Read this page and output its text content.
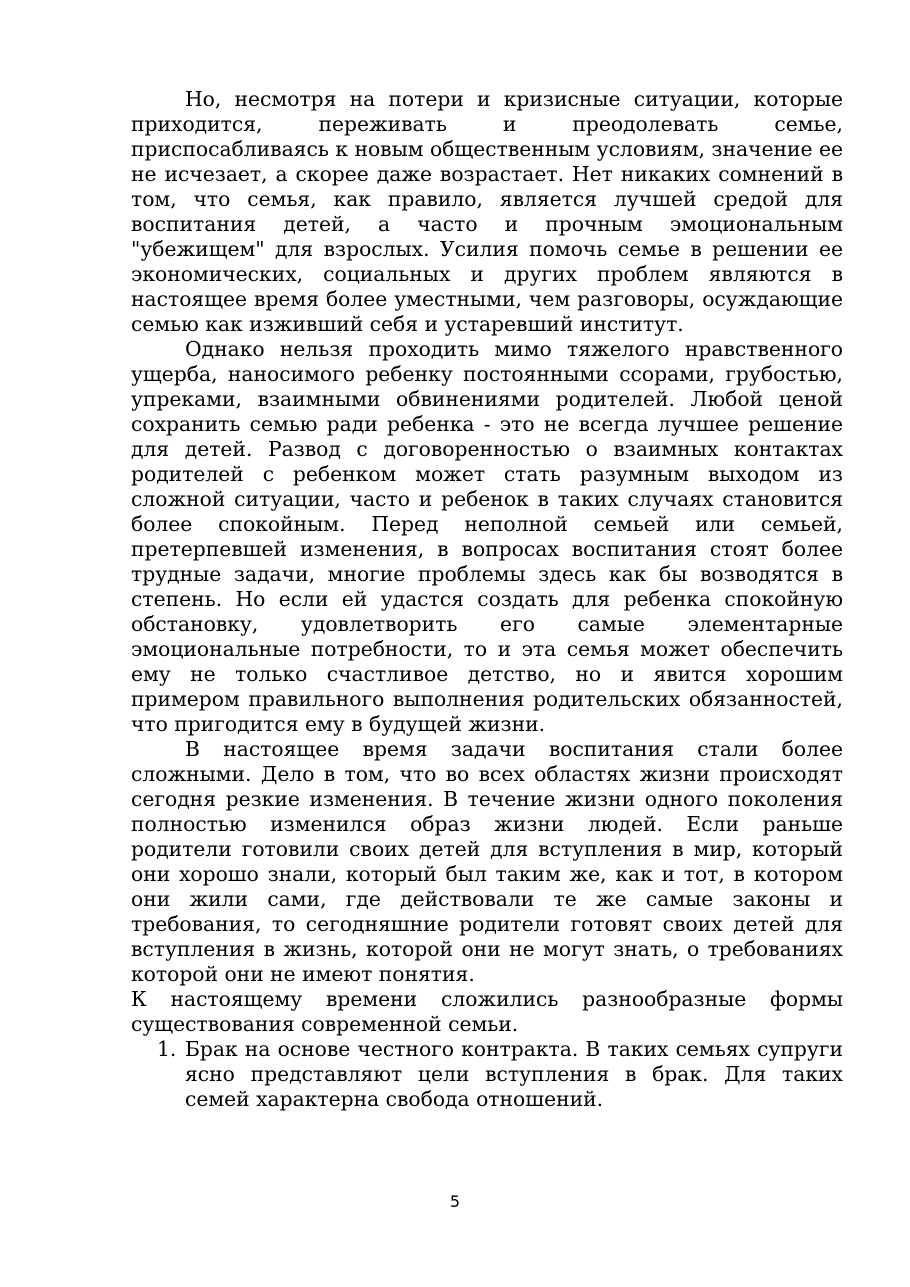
Но, несмотря на потери и кризисные ситуации, которые приходится, переживать и преодолевать семье, приспосабливаясь к новым общественным условиям, значение ее не исчезает, а скорее даже возрастает. Нет никаких сомнений в том, что семья, как правило, является лучшей средой для воспитания детей, а часто и прочным эмоциональным "убежищем" для взрослых. Усилия помочь семье в решении ее экономических, социальных и других проблем являются в настоящее время более уместными, чем разговоры, осуждающие семью как изживший себя и устаревший институт.

Однако нельзя проходить мимо тяжелого нравственного ущерба, наносимого ребенку постоянными ссорами, грубостью, упреками, взаимными обвинениями родителей. Любой ценой сохранить семью ради ребенка - это не всегда лучшее решение для детей. Развод с договоренностью о взаимных контактах родителей с ребенком может стать разумным выходом из сложной ситуации, часто и ребенок в таких случаях становится более спокойным. Перед неполной семьей или семьей, претерпевшей изменения, в вопросах воспитания стоят более трудные задачи, многие проблемы здесь как бы возводятся в степень. Но если ей удастся создать для ребенка спокойную обстановку, удовлетворить его самые элементарные эмоциональные потребности, то и эта семья может обеспечить ему не только счастливое детство, но и явится хорошим примером правильного выполнения родительских обязанностей, что пригодится ему в будущей жизни.

В настоящее время задачи воспитания стали более сложными. Дело в том, что во всех областях жизни происходят сегодня резкие изменения. В течение жизни одного поколения полностью изменился образ жизни людей. Если раньше родители готовили своих детей для вступления в мир, который они хорошо знали, который был таким же, как и тот, в котором они жили сами, где действовали те же самые законы и требования, то сегодняшние родители готовят своих детей для вступления в жизнь, которой они не могут знать, о требованиях которой они не имеют понятия.

К настоящему времени сложились разнообразные формы существования современной семьи.

1. Брак на основе честного контракта. В таких семьях супруги ясно представляют цели вступления в брак. Для таких семей характерна свобода отношений.
5
